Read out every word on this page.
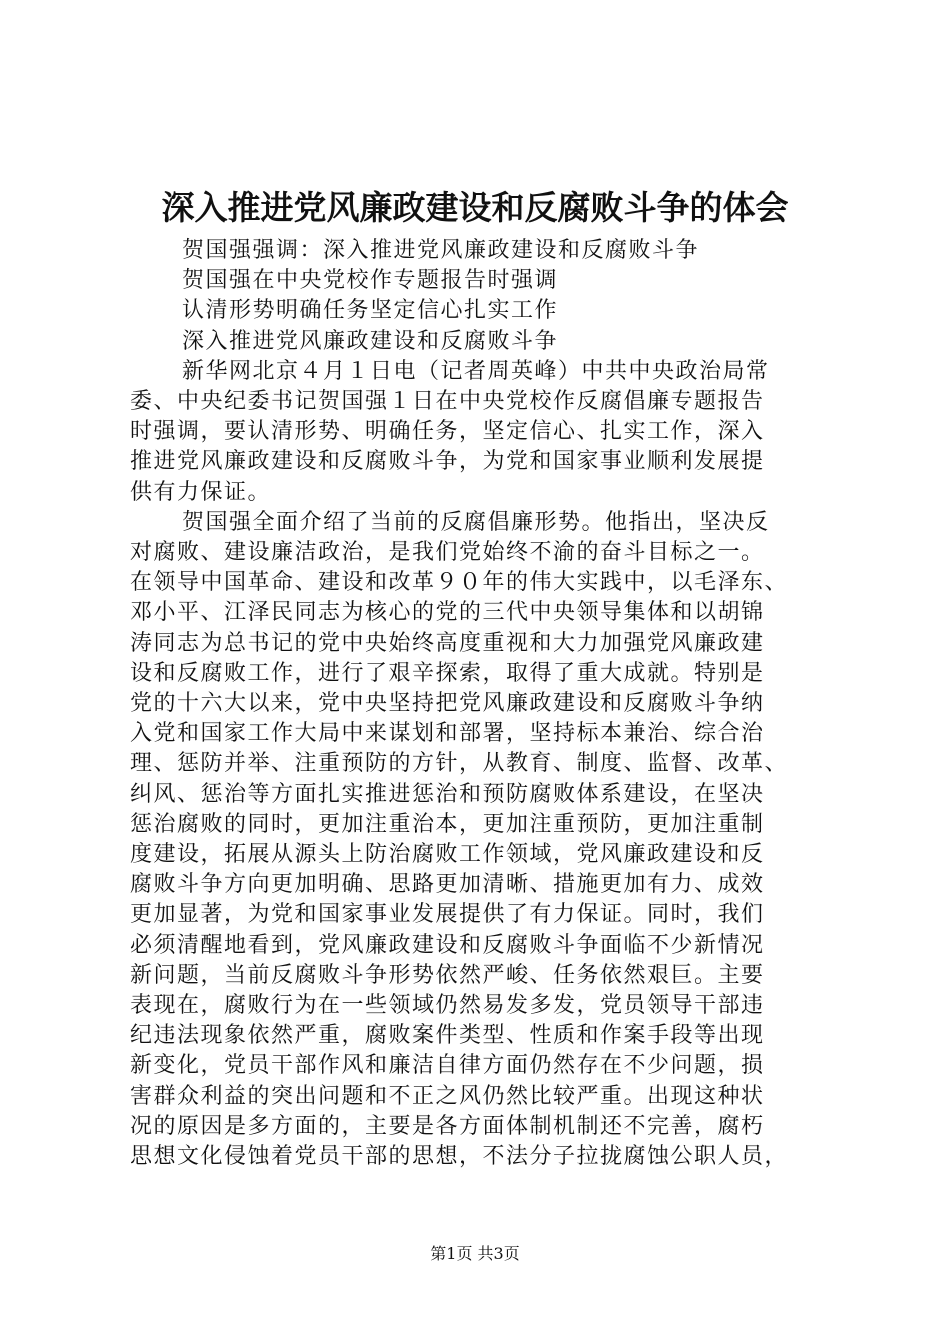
深入推进党风廉政建设和反腐败斗争的体会

贺国强强调：深入推进党风廉政建设和反腐败斗争

贺国强在中央党校作专题报告时强调

认清形势明确任务坚定信心扎实工作

深入推进党风廉政建设和反腐败斗争

新华网北京４月１日电（记者周英峰）中共中央政治局常

委、中央纪委书记贺国强１日在中央党校作反腐倡廉专题报告

时强调，要认清形势、明确任务，坚定信心、扎实工作，深入

推进党风廉政建设和反腐败斗争，为党和国家事业顺利发展提

供有力保证。

贺国强全面介绍了当前的反腐倡廉形势。他指出，坚决反

对腐败、建设廉洁政治，是我们党始终不渝的奋斗目标之一。

在领导中国革命、建设和改革９０年的伟大实践中，以毛泽东、

邓小平、江泽民同志为核心的党的三代中央领导集体和以胡锦

涛同志为总书记的党中央始终高度重视和大力加强党风廉政建

设和反腐败工作，进行了艰辛探索，取得了重大成就。特别是

党的十六大以来，党中央坚持把党风廉政建设和反腐败斗争纳

入党和国家工作大局中来谋划和部署，坚持标本兼治、综合治

理、惩防并举、注重预防的方针，从教育、制度、监督、改革、

纠风、惩治等方面扎实推进惩治和预防腐败体系建设，在坚决

惩治腐败的同时，更加注重治本，更加注重预防，更加注重制

度建设，拓展从源头上防治腐败工作领域，党风廉政建设和反

腐败斗争方向更加明确、思路更加清晰、措施更加有力、成效

更加显著，为党和国家事业发展提供了有力保证。同时，我们

必须清醒地看到，党风廉政建设和反腐败斗争面临不少新情况

新问题，当前反腐败斗争形势依然严峻、任务依然艰巨。主要

表现在，腐败行为在一些领域仍然易发多发，党员领导干部违

纪违法现象依然严重，腐败案件类型、性质和作案手段等出现

新变化，党员干部作风和廉洁自律方面仍然存在不少问题，损

害群众利益的突出问题和不正之风仍然比较严重。出现这种状

况的原因是多方面的，主要是各方面体制机制还不完善，腐朽

思想文化侵蚀着党员干部的思想，不法分子拉拢腐蚀公职人员，

第1页 共3页
